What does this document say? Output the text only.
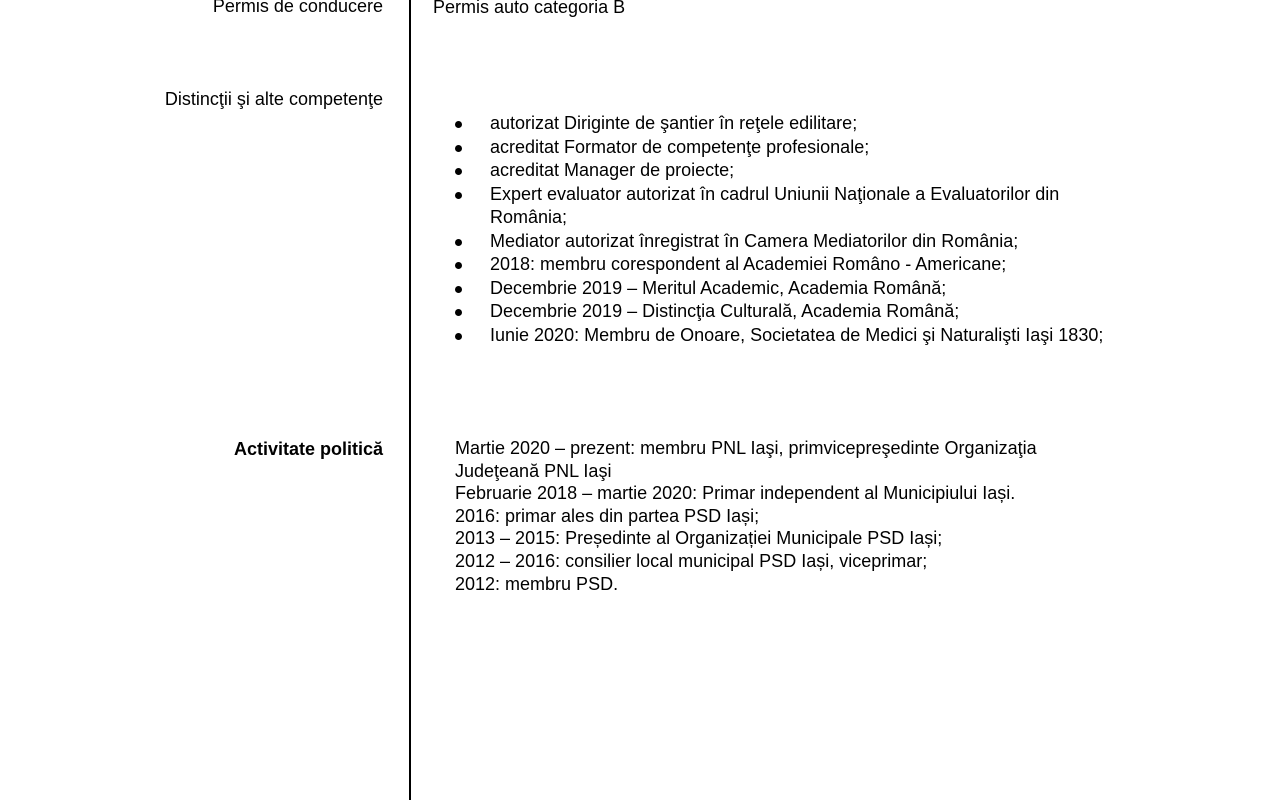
Permis de conducere	Permis auto categoria B
Distincţii şi alte competenţe
autorizat Diriginte de şantier în reţele edilitare;
acreditat Formator de competenţe profesionale;
acreditat Manager de proiecte;
Expert evaluator autorizat în cadrul Uniunii Naţionale a Evaluatorilor din România;
Mediator autorizat înregistrat în Camera Mediatorilor din România;
2018: membru corespondent al Academiei Româno - Americane;
Decembrie 2019 – Meritul Academic, Academia Română;
Decembrie 2019 – Distincţia Culturală, Academia Română;
Iunie 2020: Membru de Onoare, Societatea de Medici şi Naturalişti Iaşi 1830;
Activitate politică	Martie 2020 – prezent: membru PNL Iaşi, primvicepreşedinte Organizaţia Judeţeană PNL Iaşi
Februarie 2018 – martie 2020: Primar independent al Municipiului Iași.
2016: primar ales din partea PSD Iași;
2013 – 2015: Președinte al Organizației Municipale PSD Iași;
2012 – 2016: consilier local municipal PSD Iași, viceprimar;
2012: membru PSD.
